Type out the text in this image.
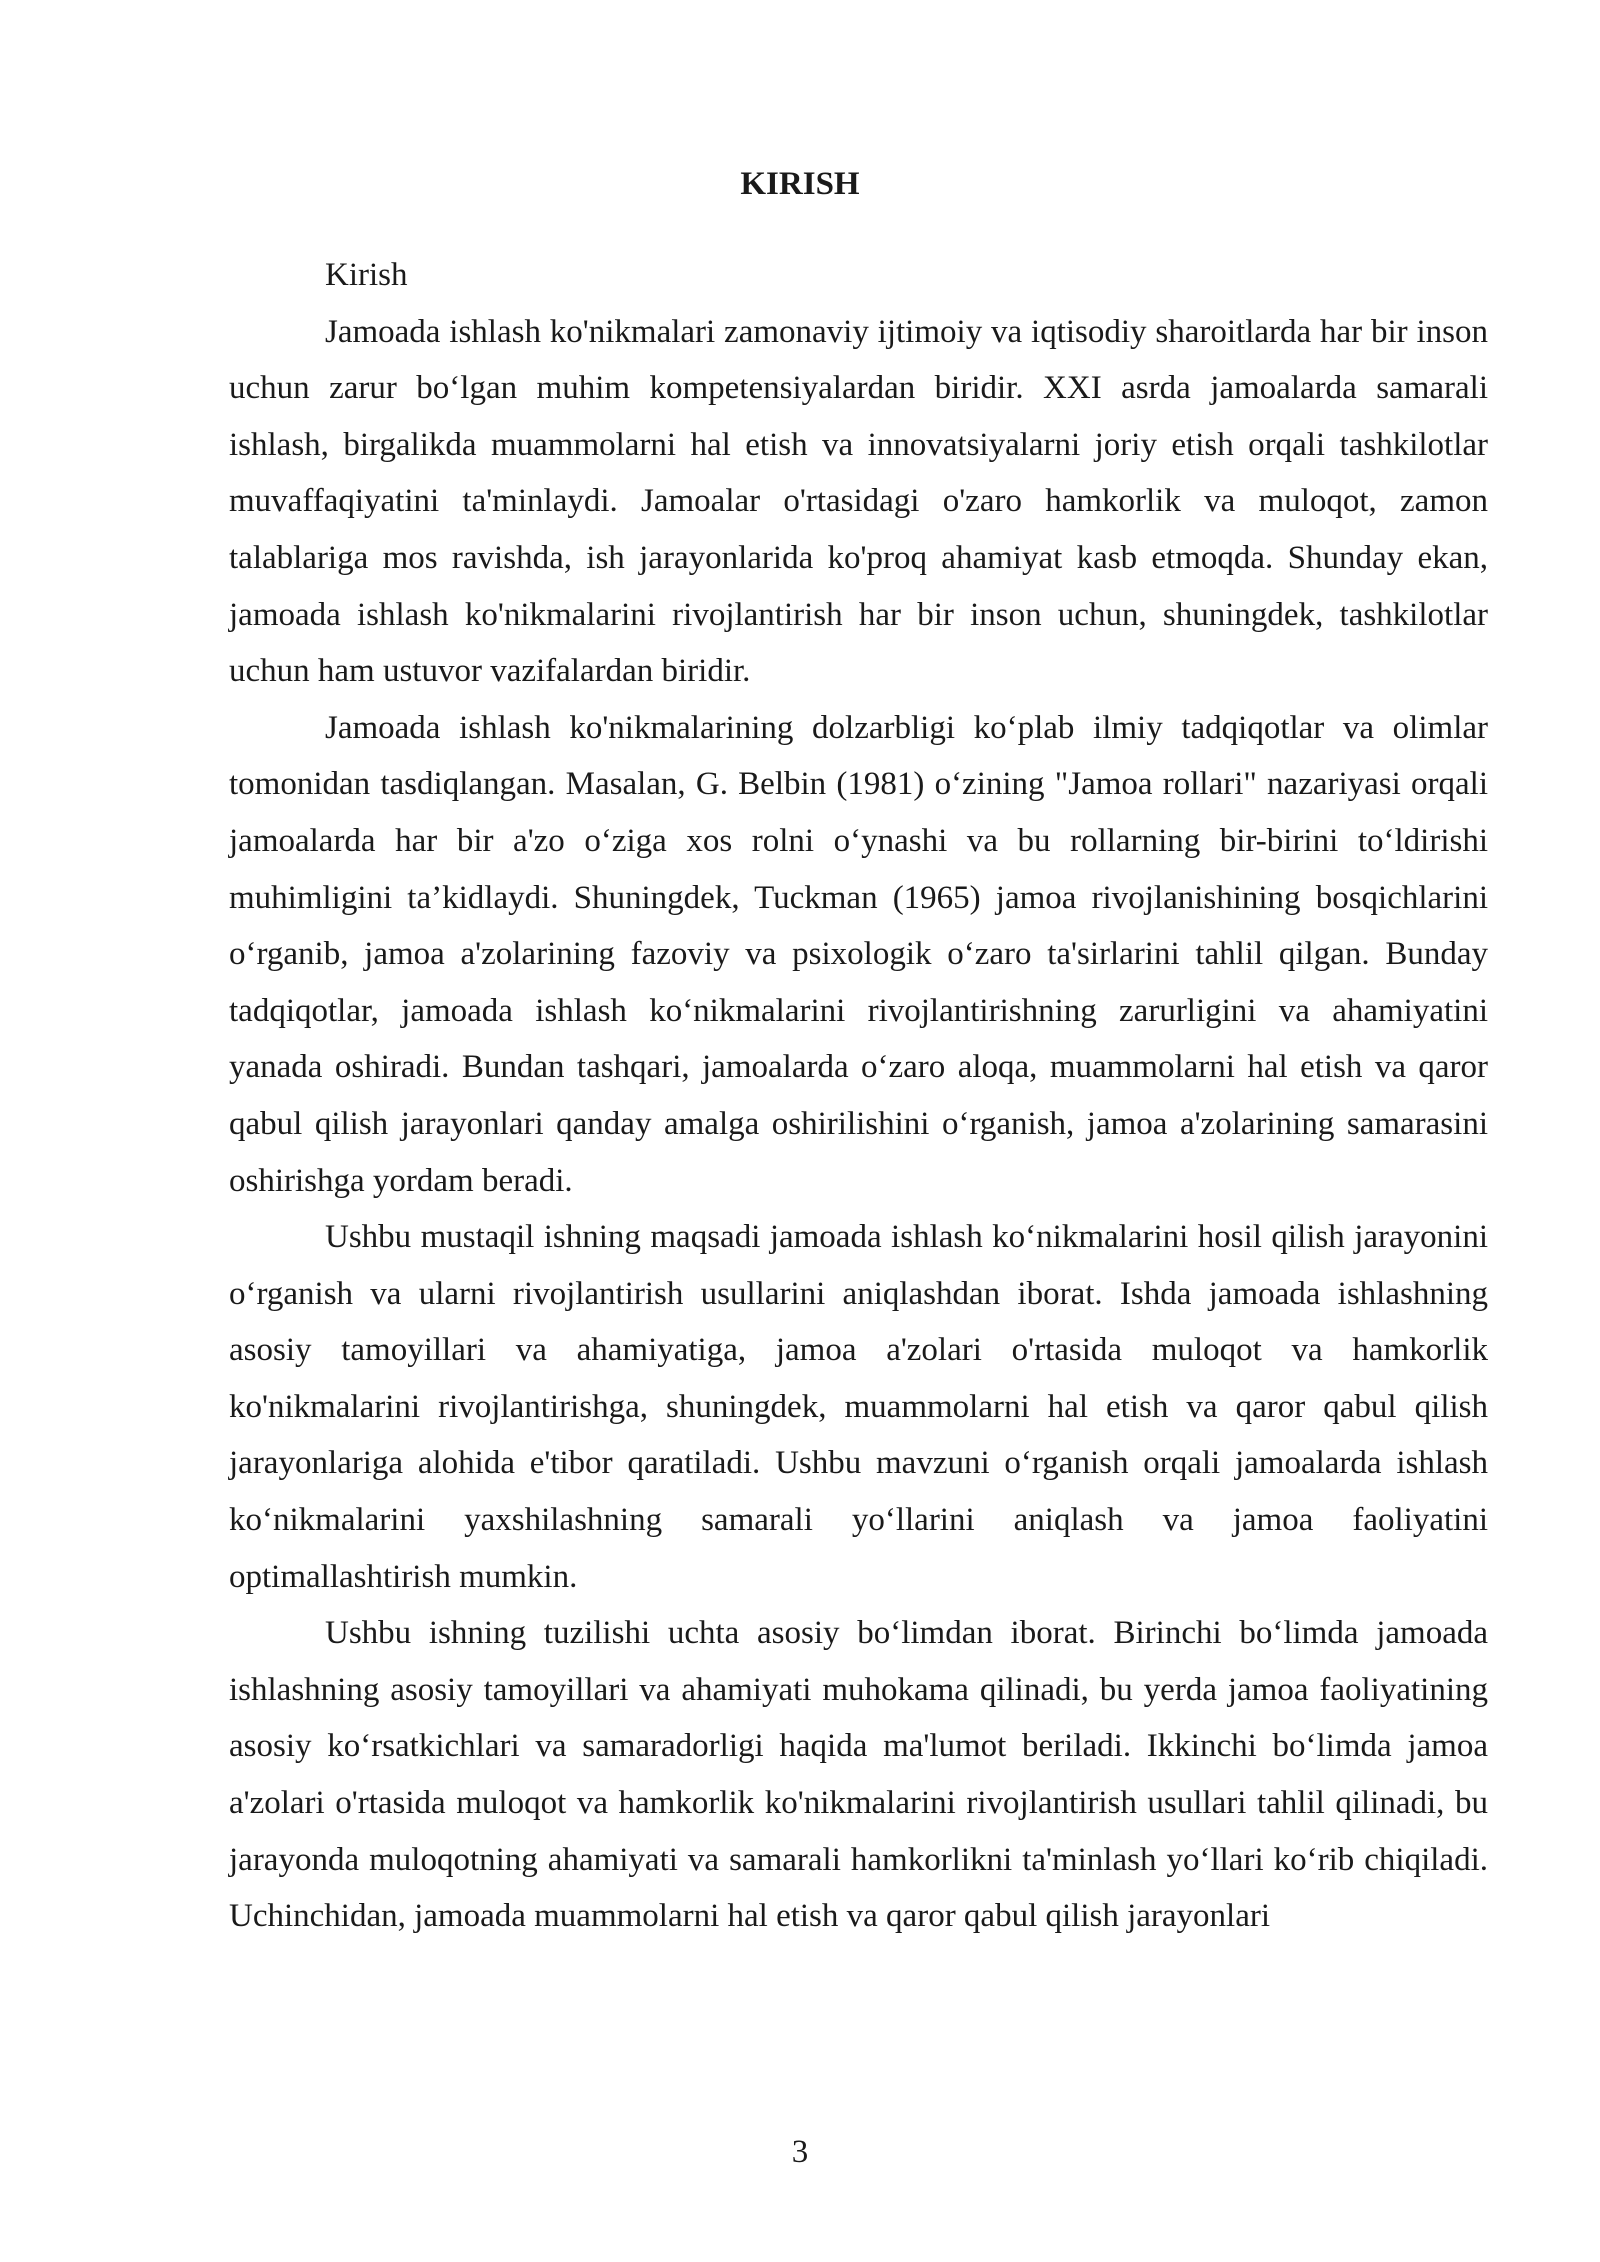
KIRISH

Kirish

Jamoada ishlash ko'nikmalari zamonaviy ijtimoiy va iqtisodiy sharoitlarda har bir inson uchun zarur bo‘lgan muhim kompetensiyalardan biridir. XXI asrda jamoalarda samarali ishlash, birgalikda muammolarni hal etish va innovatsiyalarni joriy etish orqali tashkilotlar muvaffaqiyatini ta'minlaydi. Jamoalar o'rtasidagi o'zaro hamkorlik va muloqot, zamon talablariga mos ravishda, ish jarayonlarida ko'proq ahamiyat kasb etmoqda. Shunday ekan, jamoada ishlash ko'nikmalarini rivojlantirish har bir inson uchun, shuningdek, tashkilotlar uchun ham ustuvor vazifalardan biridir.

Jamoada ishlash ko'nikmalarining dolzarbligi ko‘plab ilmiy tadqiqotlar va olimlar tomonidan tasdiqlangan. Masalan, G. Belbin (1981) o‘zining "Jamoa rollari" nazariyasi orqali jamoalarda har bir a'zo o‘ziga xos rolni o‘ynashi va bu rollarning bir-birini to‘ldirishi muhimligini ta’kidlaydi. Shuningdek, Tuckman (1965) jamoa rivojlanishining bosqichlarini o‘rganib, jamoa a'zolarining fazoviy va psixologik o‘zaro ta'sirlarini tahlil qilgan. Bunday tadqiqotlar, jamoada ishlash ko‘nikmalarini rivojlantirishning zarurligini va ahamiyatini yanada oshiradi. Bundan tashqari, jamoalarda o‘zaro aloqa, muammolarni hal etish va qaror qabul qilish jarayonlari qanday amalga oshirilishini o‘rganish, jamoa a'zolarining samarasini oshirishga yordam beradi.

Ushbu mustaqil ishning maqsadi jamoada ishlash ko‘nikmalarini hosil qilish jarayonini o‘rganish va ularni rivojlantirish usullarini aniqlashdan iborat. Ishda jamoada ishlashning asosiy tamoyillari va ahamiyatiga, jamoa a'zolari o'rtasida muloqot va hamkorlik ko'nikmalarini rivojlantirishga, shuningdek, muammolarni hal etish va qaror qabul qilish jarayonlariga alohida e'tibor qaratiladi. Ushbu mavzuni o‘rganish orqali jamoalarda ishlash ko‘nikmalarini yaxshilashning samarali yo‘llarini aniqlash va jamoa faoliyatini optimallashtirish mumkin.

Ushbu ishning tuzilishi uchta asosiy bo‘limdan iborat. Birinchi bo‘limda jamoada ishlashning asosiy tamoyillari va ahamiyati muhokama qilinadi, bu yerda jamoa faoliyatining asosiy ko‘rsatkichlari va samaradorligi haqida ma'lumot beriladi. Ikkinchi bo‘limda jamoa a'zolari o'rtasida muloqot va hamkorlik ko'nikmalarini rivojlantirish usullari tahlil qilinadi, bu jarayonda muloqotning ahamiyati va samarali hamkorlikni ta'minlash yo‘llari ko‘rib chiqiladi. Uchinchidan, jamoada muammolarni hal etish va qaror qabul qilish jarayonlari

3
